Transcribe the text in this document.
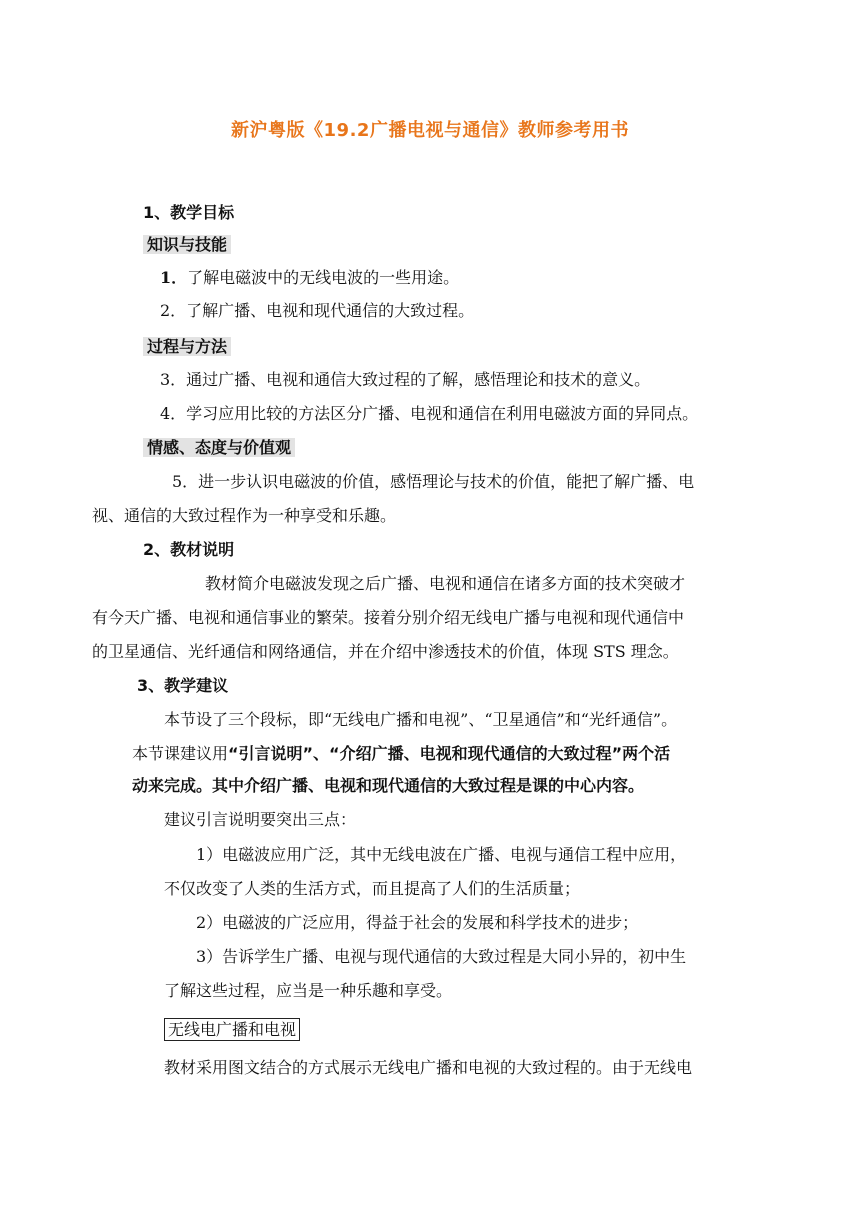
新沪粤版《19.2广播电视与通信》教师参考用书
1、教学目标
知识与技能
1．了解电磁波中的无线电波的一些用途。
2．了解广播、电视和现代通信的大致过程。
过程与方法
3．通过广播、电视和通信大致过程的了解，感悟理论和技术的意义。
4．学习应用比较的方法区分广播、电视和通信在利用电磁波方面的异同点。
情感、态度与价值观
5．进一步认识电磁波的价值，感悟理论与技术的价值，能把了解广播、电
视、通信的大致过程作为一种享受和乐趣。
2、教材说明
教材简介电磁波发现之后广播、电视和通信在诸多方面的技术突破才
有今天广播、电视和通信事业的繁荣。接着分别介绍无线电广播与电视和现代通信中
的卫星通信、光纤通信和网络通信，并在介绍中渗透技术的价值，体现 STS 理念。
3、教学建议
本节设了三个段标，即“无线电广播和电视”、“卫星通信”和“光纤通信”。
本节课建议用“引言说明”、“介绍广播、电视和现代通信的大致过程”两个活
动来完成。其中介绍广播、电视和现代通信的大致过程是课的中心内容。
建议引言说明要突出三点：
1）电磁波应用广泛，其中无线电波在广播、电视与通信工程中应用，
不仅改变了人类的生活方式，而且提高了人们的生活质量；
2）电磁波的广泛应用，得益于社会的发展和科学技术的进步；
3）告诉学生广播、电视与现代通信的大致过程是大同小异的，初中生
了解这些过程，应当是一种乐趣和享受。
无线电广播和电视
教材采用图文结合的方式展示无线电广播和电视的大致过程的。由于无线电
